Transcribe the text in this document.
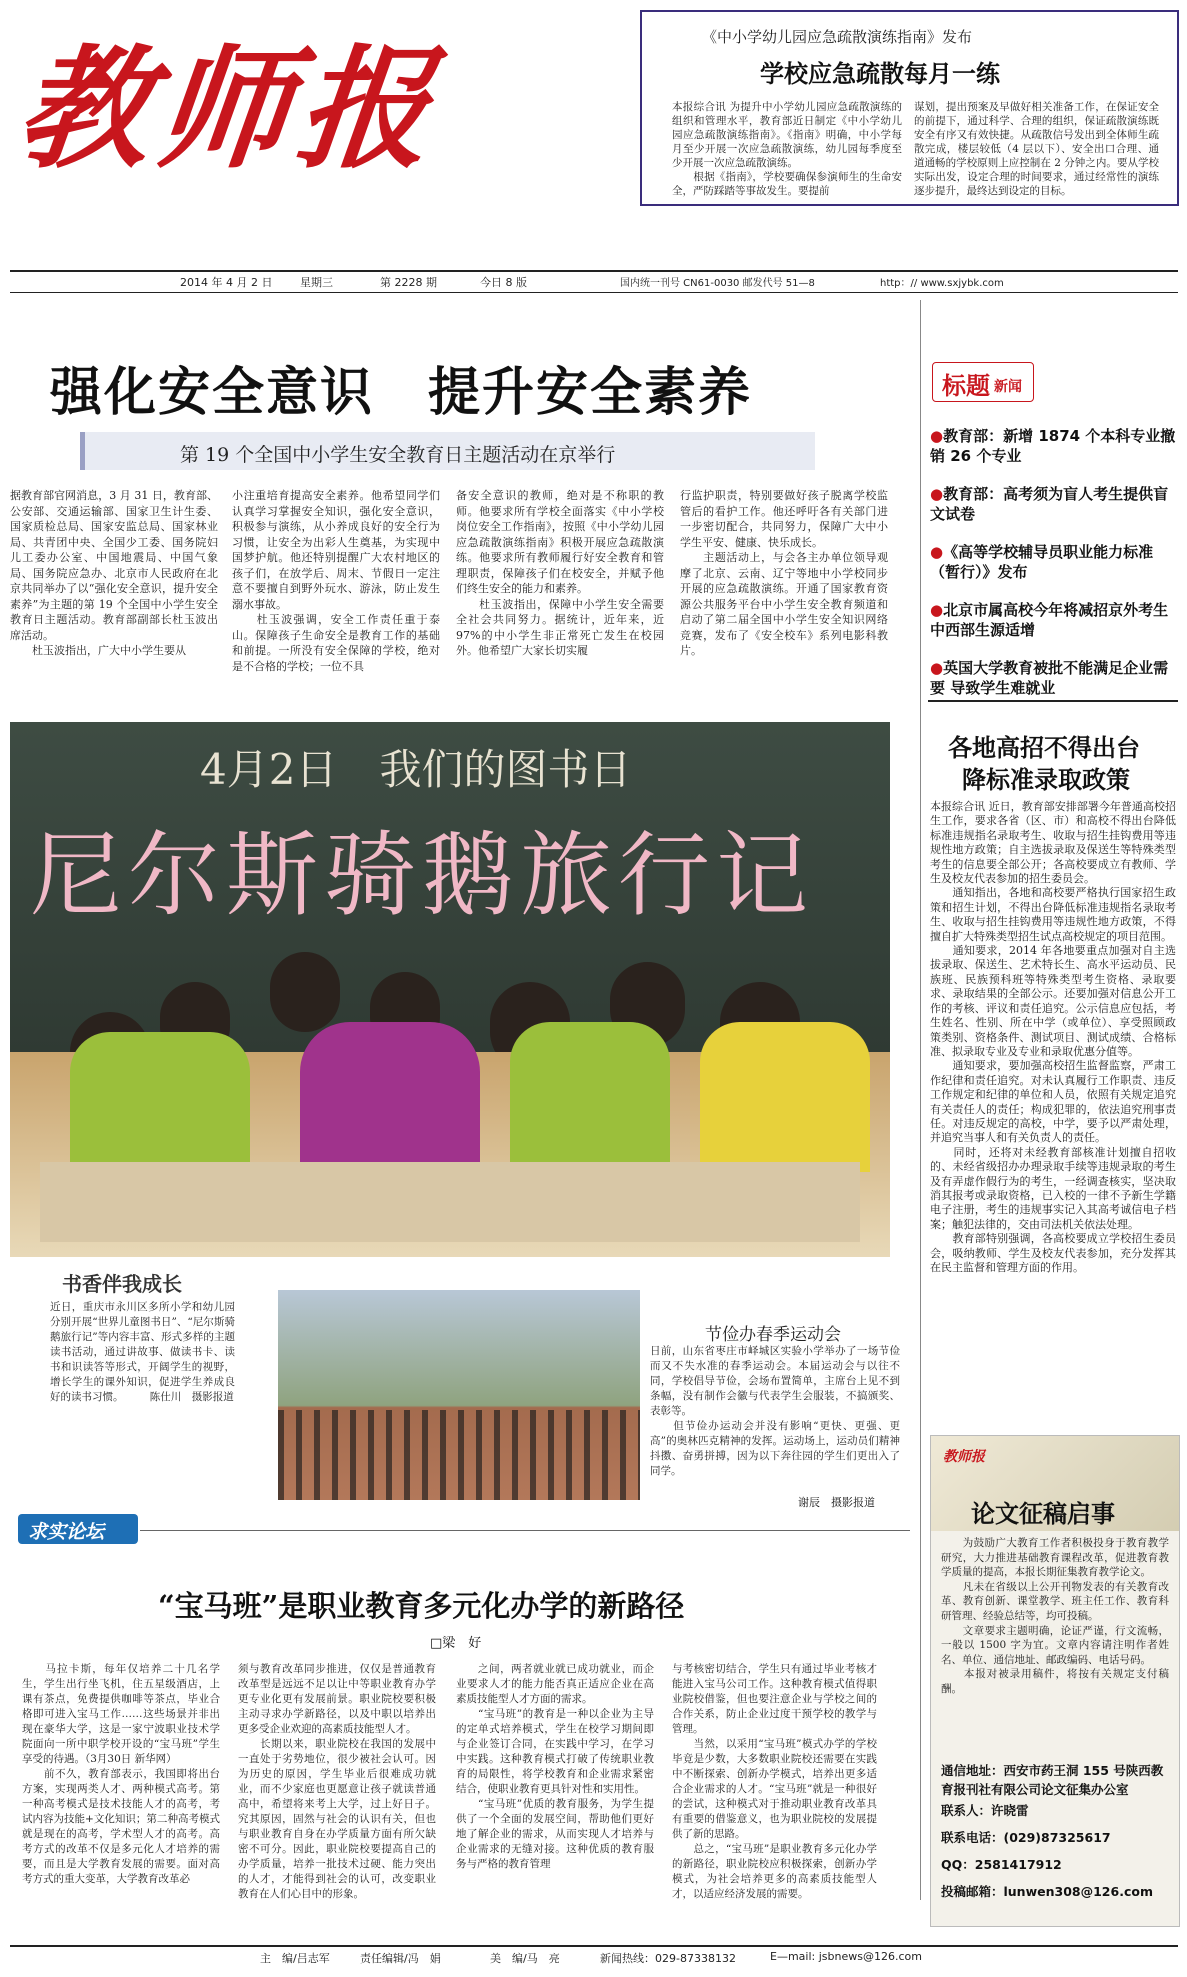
教师报	《中小学幼儿园应急疏散演练指南》发布
学校应急疏散每月一练
本报综合讯 为提升中小学幼儿园应急疏散演练的组织和管理水平，教育部近日制定《中小学幼儿园应急疏散演练指南》。《指南》明确，中小学每月至少开展一次应急疏散演练，幼儿园每季度至少开展一次应急疏散演练。
　　根据《指南》，学校要确保参演师生的生命安全，严防踩踏等事故发生。要提前
谋划，提出预案及早做好相关准备工作，在保证安全的前提下，通过科学、合理的组织，保证疏散演练既安全有序又有效快捷。从疏散信号发出到全体师生疏散完成，楼层较低（4 层以下）、安全出口合理、通道通畅的学校原则上应控制在 2 分钟之内。要从学校实际出发，设定合理的时间要求，通过经常性的演练逐步提升，最终达到设定的目标。
2014 年 4 月 2 日	星期三	第 2228 期	今日 8 版	国内统一刊号 CN61-0030 邮发代号 51—8	http：// www.sxjybk.com
强化安全意识　提升安全素养
第 19 个全国中小学生安全教育日主题活动在京举行
据教育部官网消息，3 月 31 日，教育部、公安部、交通运输部、国家卫生计生委、国家质检总局、国家安监总局、国家林业局、共青团中央、全国少工委、国务院妇儿工委办公室、中国地震局、中国气象局、国务院应急办、北京市人民政府在北京共同举办了以“强化安全意识，提升安全素养”为主题的第 19 个全国中小学生安全教育日主题活动。教育部副部长杜玉波出席活动。
　　杜玉波指出，广大中小学生要从
小注重培育提高安全素养。他希望同学们认真学习掌握安全知识，强化安全意识，积极参与演练，从小养成良好的安全行为习惯，让安全为出彩人生奠基，为实现中国梦护航。他还特别提醒广大农村地区的孩子们，在放学后、周末、节假日一定注意不要擅自到野外玩水、游泳，防止发生溺水事故。
　　杜玉波强调，安全工作责任重于泰山。保障孩子生命安全是教育工作的基础和前提。一所没有安全保障的学校，绝对是不合格的学校；一位不具
备安全意识的教师，绝对是不称职的教师。他要求所有学校全面落实《中小学校岗位安全工作指南》，按照《中小学幼儿园应急疏散演练指南》积极开展应急疏散演练。他要求所有教师履行好安全教育和管理职责，保障孩子们在校安全，并赋予他们终生安全的能力和素养。
　　杜玉波指出，保障中小学生安全需要全社会共同努力。据统计，近年来，近 97%的中小学生非正常死亡发生在校园外。他希望广大家长切实履
行监护职责，特别要做好孩子脱离学校监管后的看护工作。他还呼吁各有关部门进一步密切配合，共同努力，保障广大中小学生平安、健康、快乐成长。
　　主题活动上，与会各主办单位领导观摩了北京、云南、辽宁等地中小学校同步开展的应急疏散演练。开通了国家教育资源公共服务平台中小学生安全教育频道和启动了第二届全国中小学生安全知识网络竞赛，发布了《安全校车》系列电影科教片。
标题 新闻
●教育部：新增 1874 个本科专业撤销 26 个专业
●教育部：高考须为盲人考生提供盲文试卷
●《高等学校辅导员职业能力标准（暂行）》发布
●北京市属高校今年将减招京外考生 中西部生源适增
●英国大学教育被批不能满足企业需要 导致学生难就业
各地高招不得出台
降标准录取政策
本报综合讯 近日，教育部安排部署今年普通高校招生工作，要求各省（区、市）和高校不得出台降低标准违规指名录取考生、收取与招生挂钩费用等违规性地方政策；自主选拔录取及保送生等特殊类型考生的信息要全部公开；各高校要成立有教师、学生及校友代表参加的招生委员会。
　　通知指出，各地和高校要严格执行国家招生政策和招生计划，不得出台降低标准违规指名录取考生、收取与招生挂钩费用等违规性地方政策，不得擅自扩大特殊类型招生试点高校规定的项目范围。
　　通知要求，2014 年各地要重点加强对自主选拔录取、保送生、艺术特长生、高水平运动员、民族班、民族预科班等特殊类型考生资格、录取要求、录取结果的全部公示。还要加强对信息公开工作的考核、评议和责任追究。公示信息应包括，考生姓名、性别、所在中学（或单位）、享受照顾政策类别、资格条件、测试项目、测试成绩、合格标准、拟录取专业及专业和录取优惠分值等。
　　通知要求，要加强高校招生监督监察，严肃工作纪律和责任追究。对未认真履行工作职责、违反工作规定和纪律的单位和人员，依照有关规定追究有关责任人的责任；构成犯罪的，依法追究刑事责任。对违反规定的高校，中学，要予以严肃处理，并追究当事人和有关负责人的责任。
　　同时，还将对未经教育部核准计划擅自招收的、未经省级招办办理录取手续等违规录取的考生及有弄虚作假行为的考生，一经调查核实，坚决取消其报考或录取资格，已入校的一律不予新生学籍电子注册，考生的违规事实记入其高考诚信电子档案；触犯法律的，交由司法机关依法处理。
　　教育部特别强调，各高校要成立学校招生委员会，吸纳教师、学生及校友代表参加，充分发挥其在民主监督和管理方面的作用。
4月2日　我们的图书日
尼尔斯骑鹅旅行记
书香伴我成长
近日，重庆市永川区多所小学和幼儿园分别开展“世界儿童图书日”、“尼尔斯骑鹅旅行记”等内容丰富、形式多样的主题读书活动，通过讲故事、做读书卡、读书和识读答等形式，开阔学生的视野，增长学生的课外知识，促进学生养成良好的读书习惯。　　　陈仕川　摄影报道
节俭办春季运动会
日前，山东省枣庄市峄城区实验小学举办了一场节俭而又不失水准的春季运动会。本届运动会与以往不同，学校倡导节俭，会场布置简单，主席台上见不到条幅，没有制作会徽与代表学生会服装，不搞颁奖、表彰等。
　　但节俭办运动会并没有影响“更快、更强、更高”的奥林匹克精神的发挥。运动场上，运动员们精神抖擞、奋勇拼搏，因为以下奔往园的学生们更出入了同学。
谢辰　摄影报道
求实论坛
“宝马班”是职业教育多元化办学的新路径
□梁　好
　　马拉卡斯，每年仅培养二十几名学生，学生出行坐飞机，住五星级酒店，上课有茶点，免费提供咖啡等茶点，毕业合格即可进入宝马工作……这些场景并非出现在豪华大学，这是一家宁波职业技术学院面向一所中职学校开设的“宝马班”学生享受的待遇。（3月30日 新华网）
　　前不久，教育部表示，我国即将出台方案，实现两类人才、两种模式高考。第一种高考模式是技术技能人才的高考，考试内容为技能+文化知识；第二种高考模式就是现在的高考，学术型人才的高考。高考方式的改革不仅是多元化人才培养的需要，而且是大学教育发展的需要。面对高考方式的重大变革，大学教育改革必
须与教育改革同步推进，仅仅是普通教育改革型是远远不足以让中等职业教育办学更专业化更有发展前景。职业院校要积极主动寻求办学新路径，以及中职以培养出更多受企业欢迎的高素质技能型人才。
　　长期以来，职业院校在我国的发展中一直处于劣势地位，很少被社会认可。因为历史的原因，学生毕业后很难成功就业，而不少家庭也更愿意让孩子就读普通高中，希望将来考上大学，过上好日子。究其原因，固然与社会的认识有关，但也与职业教育自身在办学质量方面有所欠缺密不可分。因此，职业院校要提高自己的办学质量，培养一批技术过硬、能力突出的人才，才能得到社会的认可，改变职业教育在人们心目中的形象。
　　之间，两者就业就已成功就业，而企业要求人才的能力能否真正适应企业在高素质技能型人才方面的需求。
　　“宝马班”的教育是一种以企业为主导的定单式培养模式，学生在校学习期间即与企业签订合同，在实践中学习，在学习中实践。这种教育模式打破了传统职业教育的局限性，将学校教育和企业需求紧密结合，使职业教育更具针对性和实用性。
　　“宝马班”优质的教育服务，为学生提供了一个全面的发展空间，帮助他们更好地了解企业的需求，从而实现人才培养与企业需求的无缝对接。这种优质的教育服务与严格的教育管理
与考核密切结合，学生只有通过毕业考核才能进入宝马公司工作。这种教育模式值得职业院校借鉴，但也要注意企业与学校之间的合作关系，防止企业过度干预学校的教学与管理。
　　当然，以采用“宝马班”模式办学的学校毕竟是少数，大多数职业院校还需要在实践中不断探索、创新办学模式，培养出更多适合企业需求的人才。“宝马班”就是一种很好的尝试，这种模式对于推动职业教育改革具有重要的借鉴意义，也为职业院校的发展提供了新的思路。
　　总之，“宝马班”是职业教育多元化办学的新路径，职业院校应积极探索，创新办学模式，为社会培养更多的高素质技能型人才，以适应经济发展的需要。
教师报
论文征稿启事
　　为鼓励广大教育工作者积极投身于教育教学研究，大力推进基础教育课程改革，促进教育教学质量的提高，本报长期征集教育教学论文。
　　凡未在省级以上公开刊物发表的有关教育改革、教育创新、课堂教学、班主任工作、教育科研管理、经验总结等，均可投稿。
　　文章要求主题明确，论证严谨，行文流畅，一般以 1500 字为宜。文章内容请注明作者姓名、单位、通信地址、邮政编码、电话号码。
　　本报对被录用稿件，将按有关规定支付稿酬。
通信地址：西安市药王洞 155 号陕西教育报刊社有限公司论文征集办公室
联系人：许晓雷
联系电话：(029)87325617
QQ：2581417912
投稿邮箱：lunwen308@126.com
主　编/吕志军	责任编辑/冯　娟	美　编/马　亮	新闻热线：029-87338132	E—mail: jsbnews@126.com
